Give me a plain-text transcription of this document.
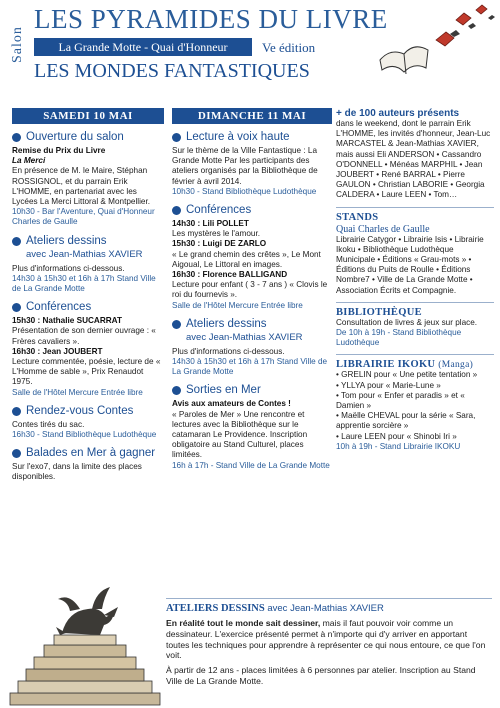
Salon
LES PYRAMIDES DU LIVRE
La Grande Motte - Quai d'Honneur	Ve édition
LES MONDES FANTASTIQUES
SAMEDI 10 MAI
Ouverture du salon
Remise du Prix du Livre
La Merci
En présence de M. le Maire, Stéphan ROSSIGNOL, et du parrain Erik L'HOMME, en partenariat avec les Lycées La Merci Littoral & Montpellier.
10h30 - Bar l'Aventure, Quai d'Honneur Charles de Gaulle
Ateliers dessins
avec Jean-Mathias XAVIER
Plus d'informations ci-dessous.
14h30 à 15h30 et 16h à 17h Stand Ville de La Grande Motte
Conférences
15h30 : Nathalie SUCARRAT
Présentation de son dernier ouvrage : « Frères cavaliers ».
16h30 : Jean JOUBERT
Lecture commentée, poésie, lecture de « L'Homme de sable », Prix Renaudot 1975.
Salle de l'Hôtel Mercure Entrée libre
Rendez-vous Contes
Contes tirés du sac.
16h30 - Stand Bibliothèque Ludothèque
Balades en Mer à gagner
Sur l'exo7, dans la limite des places disponibles.
DIMANCHE 11 MAI
Lecture à voix haute
Sur le thème de la Ville Fantastique : La Grande Motte Par les participants des ateliers organisés par la Bibliothèque de février à avril 2014.
10h30 - Stand Bibliothèque Ludothèque
Conférences
14h30 : Lili POLLET
Les mystères le l'amour.
15h30 : Luigi DE ZARLO
« Le grand chemin des crêtes », Le Mont Aigoual, Le Littoral en images.
16h30 : Florence BALLIGAND
Lecture pour enfant ( 3 - 7 ans ) « Clovis le roi du fournevis ».
Salle de l'Hôtel Mercure Entrée libre
Ateliers dessins
avec Jean-Mathias XAVIER
Plus d'informations ci-dessous.
14h30 à 15h30 et 16h à 17h Stand Ville de La Grande Motte
Sorties en Mer
Avis aux amateurs de Contes !
« Paroles de Mer » Une rencontre et lectures avec la Bibliothèque sur le catamaran Le Providence. Inscription obligatoire au Stand Culturel, places limitées.
16h à 17h - Stand Ville de La Grande Motte
+ de 100 auteurs présents
dans le weekend, dont le parrain Erik L'HOMME, les invités d'honneur, Jean-Luc MARCASTEL & Jean-Mathias XAVIER, mais aussi Eli ANDERSON • Cassandro O'DONNELL • Ménéas MARPHIL • Jean JOUBERT • René BARRAL • Pierre GAULON • Christian LABORIE • Georgia CALDERA • Laure LEEN • Tom…
STANDS
Quai Charles de Gaulle
Librairie Catygor • Librairie Isis • Librairie Ikoku • Bibliothèque Ludothèque Municipale • Éditions « Grau-mots » • Éditions du Puits de Roulle • Éditions Nombre7 • Ville de La Grande Motte • Association Écrits et Compagnie.
BIBLIOTHÈQUE
Consultation de livres & jeux sur place.
De 10h à 19h - Stand Bibliothèque Ludothèque
LIBRAIRIE IKOKU (Manga)
• GRELIN pour « Une petite tentation »
• YLLYA pour « Marie-Lune »
• Tom pour « Enfer et paradis » et « Damien »
• Maëlle CHEVAL pour la série « Sara, apprentie sorcière »
• Laure LEEN pour « Shinobi Iri »
10h à 19h - Stand Librairie IKOKU
ATELIERS DESSINS avec Jean-Mathias XAVIER
En réalité tout le monde sait dessiner, mais il faut pouvoir voir comme un dessinateur. L'exercice présenté permet à n'importe qui d'y arriver en apportant toutes les techniques pour apprendre à représenter ce qui nous entoure, ce que l'on voit.
À partir de 12 ans - places limitées à 6 personnes par atelier. Inscription au Stand Ville de La Grande Motte.
